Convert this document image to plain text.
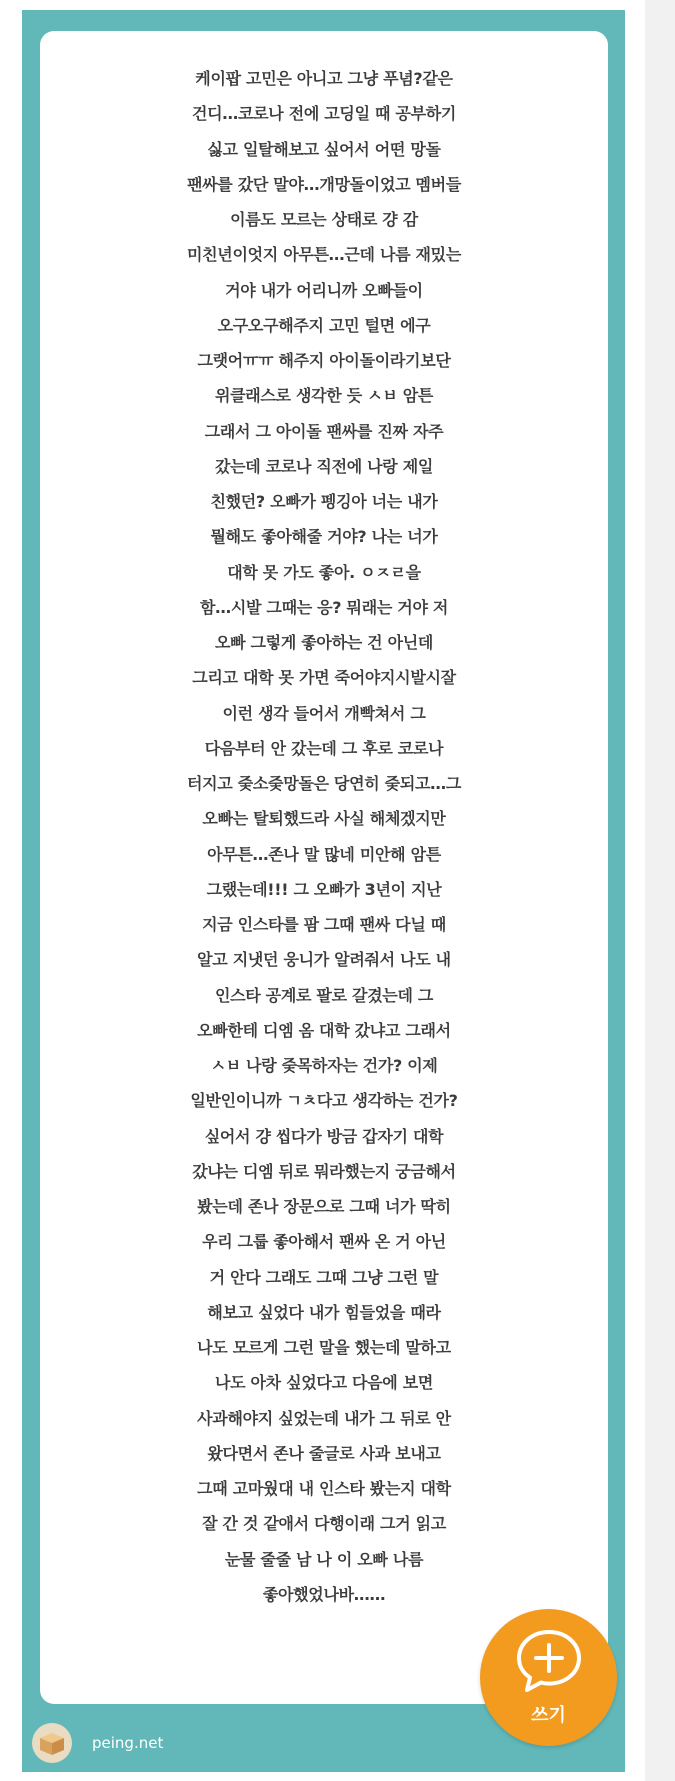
케이팝 고민은 아니고 그냥 푸념?같은
건디…코로나 전에 고딩일 때 공부하기
싫고 일탈해보고 싶어서 어떤 망돌
팬싸를 갔단 말야…개망돌이었고 멤버들
이름도 모르는 상태로 걍 감
미친년이엇지 아무튼…근데 나름 재밌는
거야 내가 어리니까 오빠들이
오구오구해주지 고민 털면 에구
그랫어ㅠㅠ 해주지 아이돌이라기보단
위클래스로 생각한 듯 ㅅㅂ 암튼
그래서 그 아이돌 팬싸를 진짜 자주
갔는데 코로나 직전에 나랑 제일
친했던? 오빠가 펭깅아 너는 내가
뭘해도 좋아해줄 거야? 나는 너가
대학 못 가도 좋아. ㅇㅈㄹ을
함…시발 그때는 응? 뭐래는 거야 저
오빠 그렇게 좋아하는 건 아닌데
그리고 대학 못 가면 죽어야지시발시잘
이런 생각 들어서 개빡쳐서 그
다음부터 안 갔는데 그 후로 코로나
터지고 줒소줒망돌은 당연히 줒되고…그
오빠는 탈퇴했드라 사실 해체겠지만
아무튼…존나 말 많네 미안해 암튼
그랬는데!!! 그 오빠가 3년이 지난
지금 인스타를 팜 그때 팬싸 다닐 때
알고 지냇던 웅니가 알려줘서 나도 내
인스타 공계로 팔로 갈겼는데 그
오빠한테 디엠 옴 대학 갔냐고 그래서
ㅅㅂ 나랑 줒목하자는 건가? 이제
일반인이니까 ㄱㅊ다고 생각하는 건가?
싶어서 걍 씹다가 방금 갑자기 대학
갔냐는 디엠 뒤로 뭐라했는지 궁금해서
봤는데 존나 장문으로 그때 너가 딱히
우리 그룹 좋아해서 팬싸 온 거 아닌
거 안다 그래도 그때 그냥 그런 말
해보고 싶었다 내가 힘들었을 때라
나도 모르게 그런 말을 했는데 말하고
나도 아차 싶었다고 다음에 보면
사과해야지 싶었는데 내가 그 뒤로 안
왔다면서 존나 줄글로 사과 보내고
그때 고마웠대 내 인스타 봤는지 대학
잘 간 것 같애서 다행이래 그거 읽고
눈물 줄줄 남 나 이 오빠 나름
좋아했었나바……
쓰기
peing.net
